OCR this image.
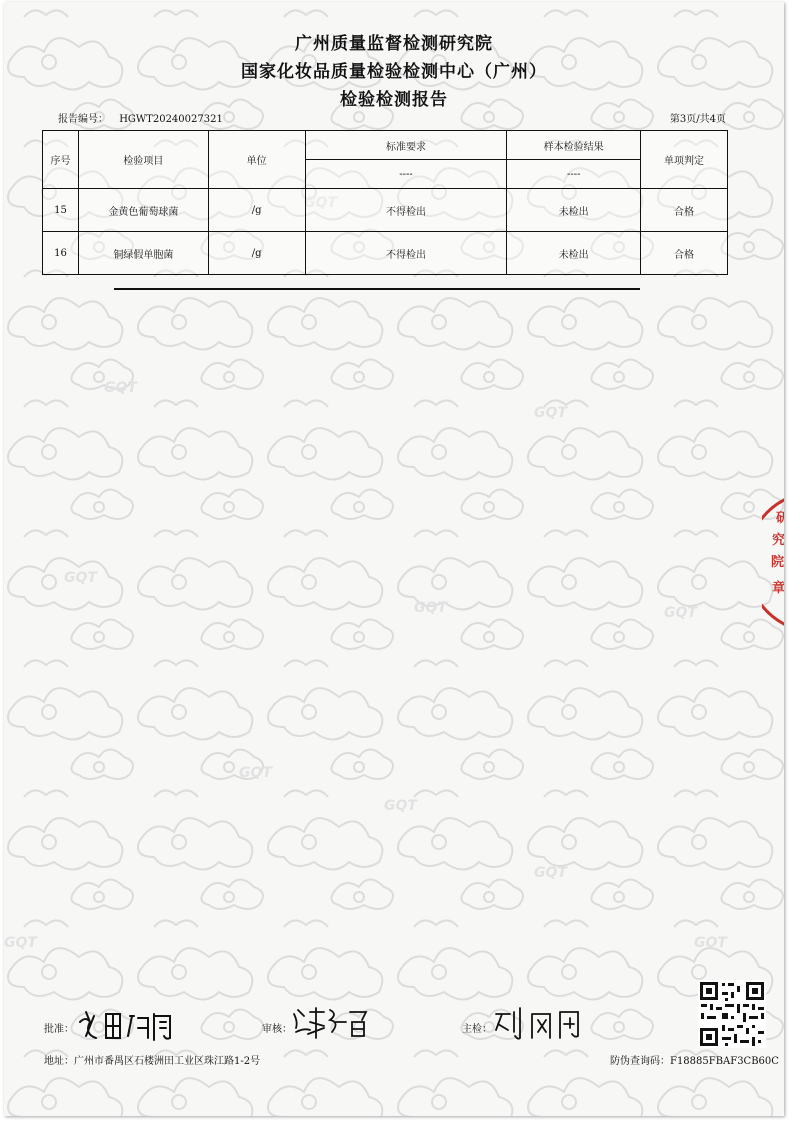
GQT
GQT
GQT
GQT	GQT
GQT
GQT
GQT
GQT
GQT
GQT
广州质量监督检测研究院
国家化妆品质量检验检测中心（广州）
检验检测报告
报告编号： HGWT20240027321	第3页/共4页
序号	检验项目	单位	标准要求	样本检验结果	单项判定
			----	----	
15	金黄色葡萄球菌	/g	不得检出	未检出	合格
16	铜绿假单胞菌	/g	不得检出	未检出	合格
研
究
院
章
批准：	审核：	主检：
地址：广州市番禺区石楼洲田工业区珠江路1-2号	防伪查询码：F18885FBAF3CB60C
